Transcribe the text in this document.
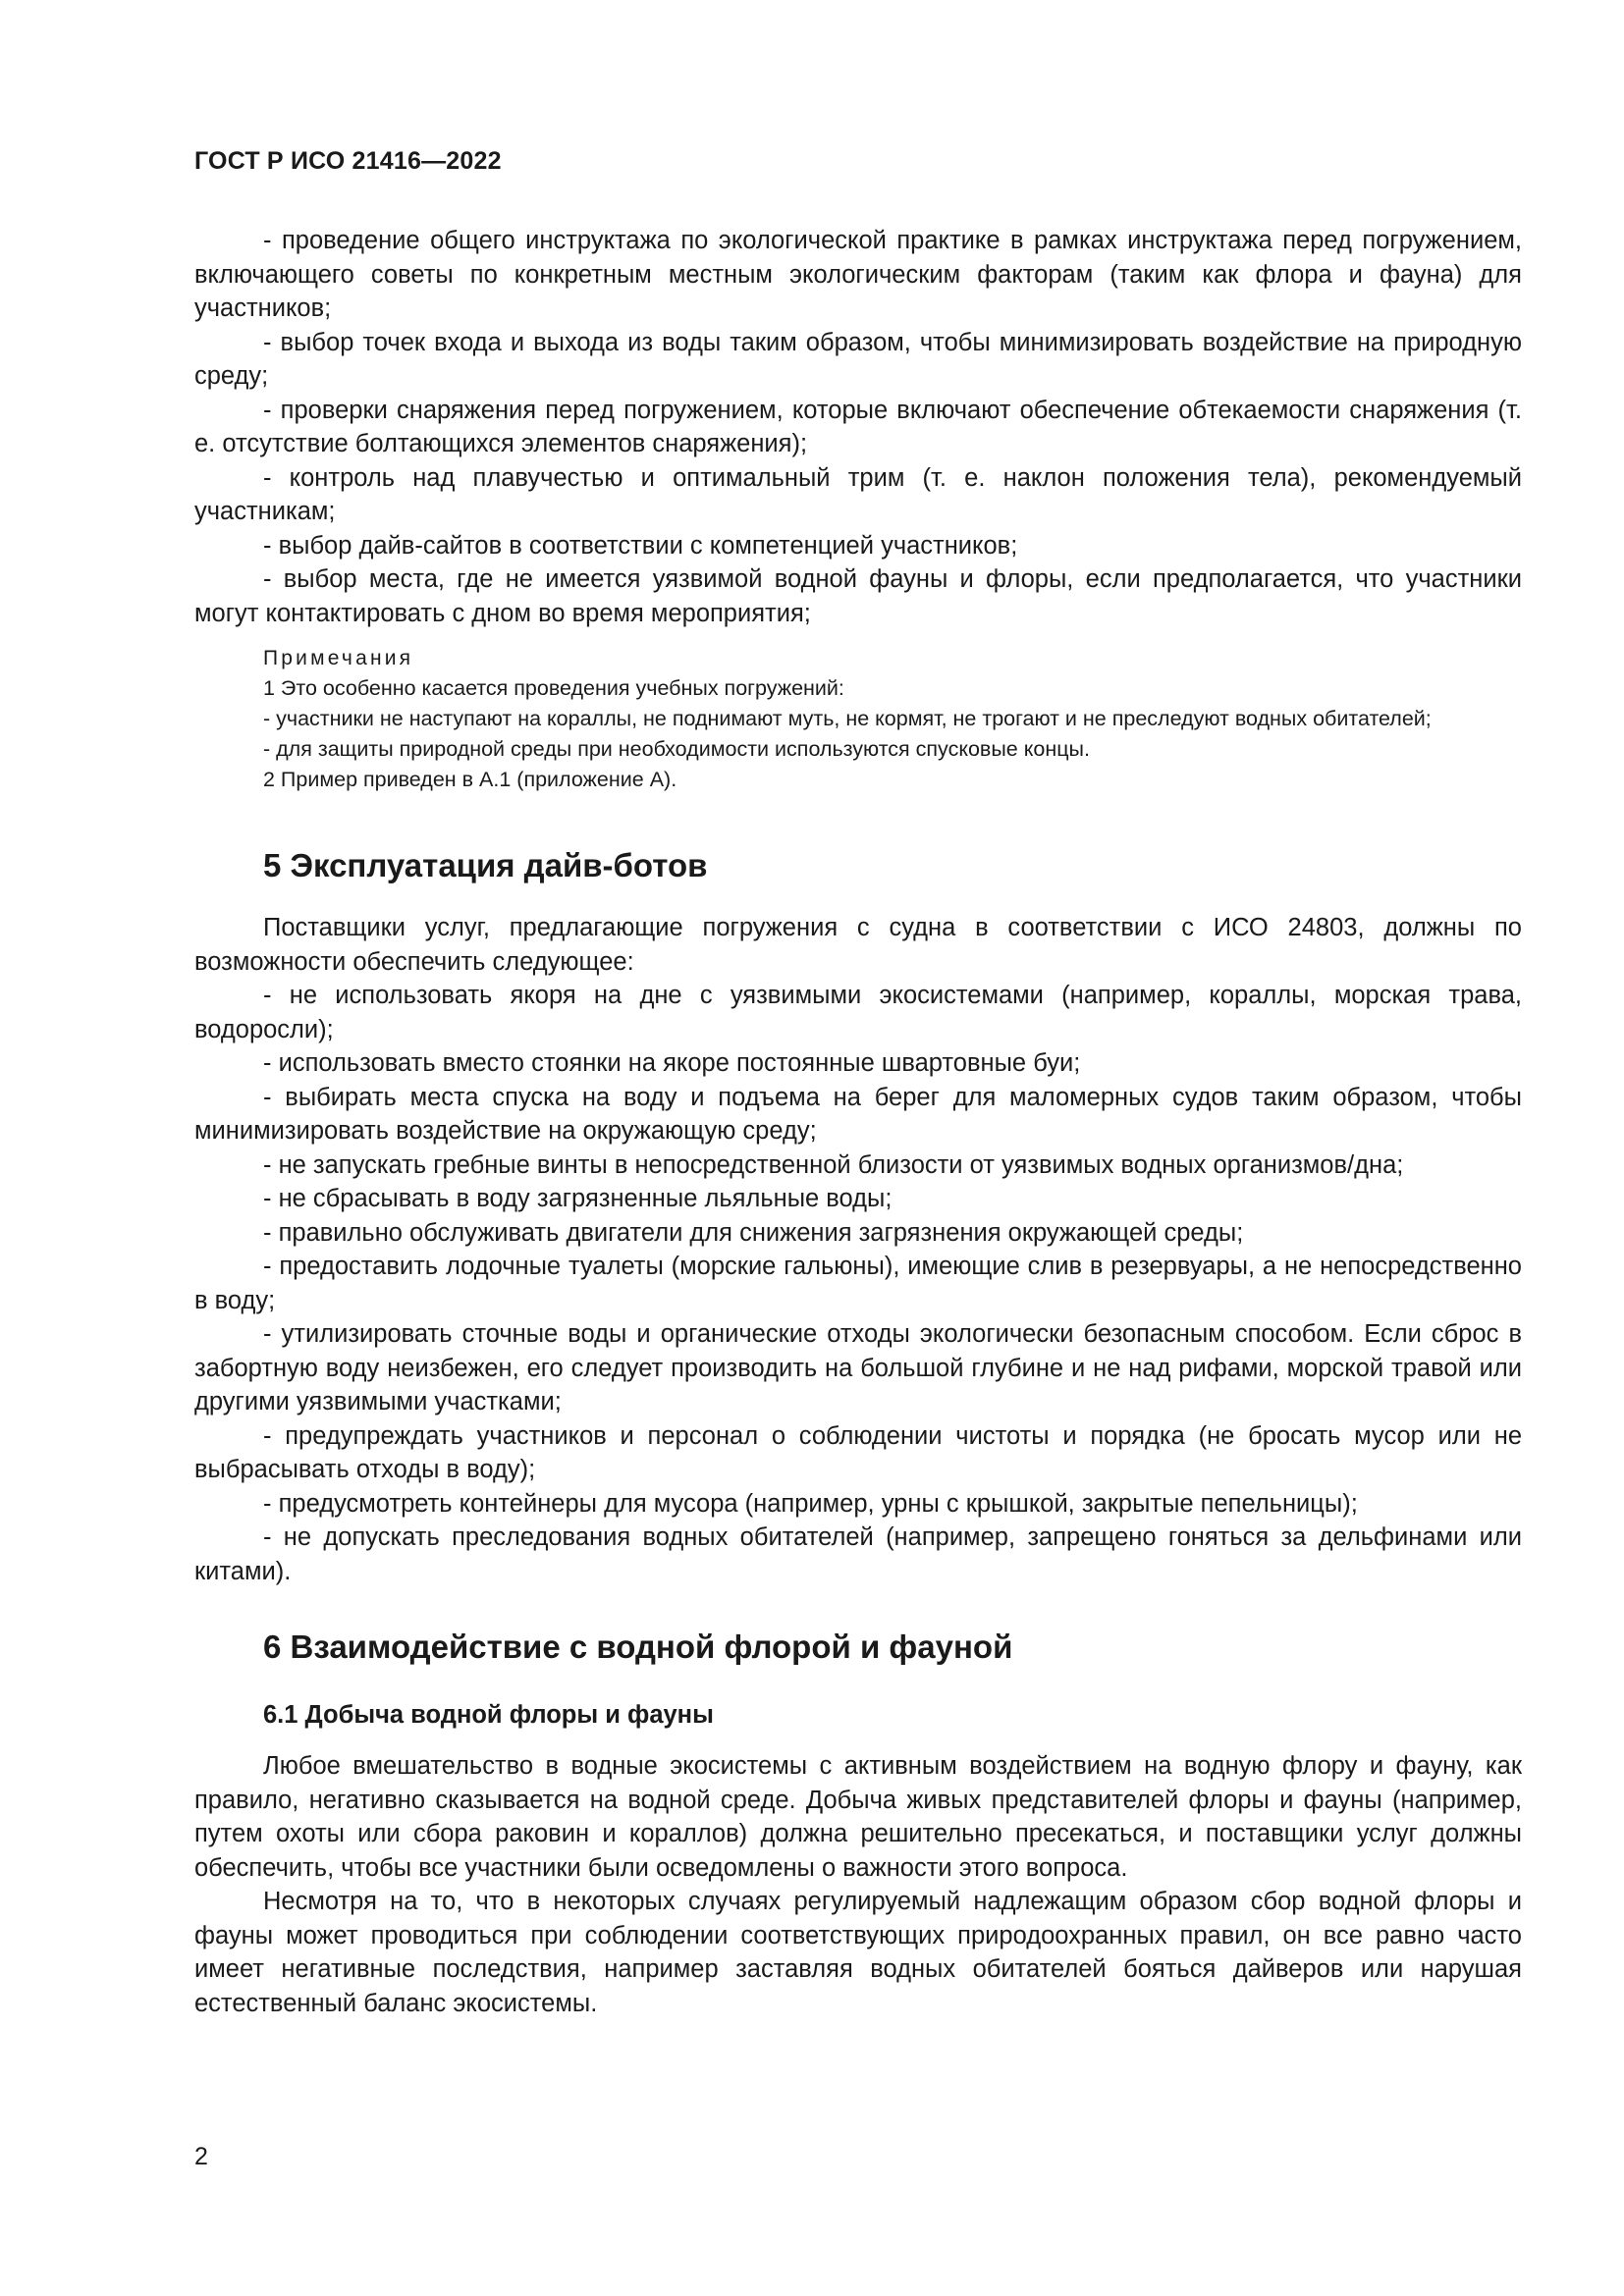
ГОСТ Р ИСО 21416—2022

- проведение общего инструктажа по экологической практике в рамках инструктажа перед погружением, включающего советы по конкретным местным экологическим факторам (таким как флора и фауна) для участников;

- выбор точек входа и выхода из воды таким образом, чтобы минимизировать воздействие на природную среду;

- проверки снаряжения перед погружением, которые включают обеспечение обтекаемости снаряжения (т. е. отсутствие болтающихся элементов снаряжения);

- контроль над плавучестью и оптимальный трим (т. е. наклон положения тела), рекомендуемый участникам;

- выбор дайв-сайтов в соответствии с компетенцией участников;

- выбор места, где не имеется уязвимой водной фауны и флоры, если предполагается, что участники могут контактировать с дном во время мероприятия;

Примечания

1 Это особенно касается проведения учебных погружений:

- участники не наступают на кораллы, не поднимают муть, не кормят, не трогают и не преследуют водных обитателей;

- для защиты природной среды при необходимости используются спусковые концы.

2 Пример приведен в А.1 (приложение А).

5 Эксплуатация дайв-ботов

Поставщики услуг, предлагающие погружения с судна в соответствии с ИСО 24803, должны по возможности обеспечить следующее:

- не использовать якоря на дне с уязвимыми экосистемами (например, кораллы, морская трава, водоросли);

- использовать вместо стоянки на якоре постоянные швартовные буи;

- выбирать места спуска на воду и подъема на берег для маломерных судов таким образом, чтобы минимизировать воздействие на окружающую среду;

- не запускать гребные винты в непосредственной близости от уязвимых водных организмов/дна;

- не сбрасывать в воду загрязненные льяльные воды;

- правильно обслуживать двигатели для снижения загрязнения окружающей среды;

- предоставить лодочные туалеты (морские гальюны), имеющие слив в резервуары, а не непосредственно в воду;

- утилизировать сточные воды и органические отходы экологически безопасным способом. Если сброс в забортную воду неизбежен, его следует производить на большой глубине и не над рифами, морской травой или другими уязвимыми участками;

- предупреждать участников и персонал о соблюдении чистоты и порядка (не бросать мусор или не выбрасывать отходы в воду);

- предусмотреть контейнеры для мусора (например, урны с крышкой, закрытые пепельницы);

- не допускать преследования водных обитателей (например, запрещено гоняться за дельфинами или китами).

6 Взаимодействие с водной флорой и фауной
6.1 Добыча водной флоры и фауны

Любое вмешательство в водные экосистемы с активным воздействием на водную флору и фауну, как правило, негативно сказывается на водной среде. Добыча живых представителей флоры и фауны (например, путем охоты или сбора раковин и кораллов) должна решительно пресекаться, и поставщики услуг должны обеспечить, чтобы все участники были осведомлены о важности этого вопроса.

Несмотря на то, что в некоторых случаях регулируемый надлежащим образом сбор водной флоры и фауны может проводиться при соблюдении соответствующих природоохранных правил, он все равно часто имеет негативные последствия, например заставляя водных обитателей бояться дайверов или нарушая естественный баланс экосистемы.

2
